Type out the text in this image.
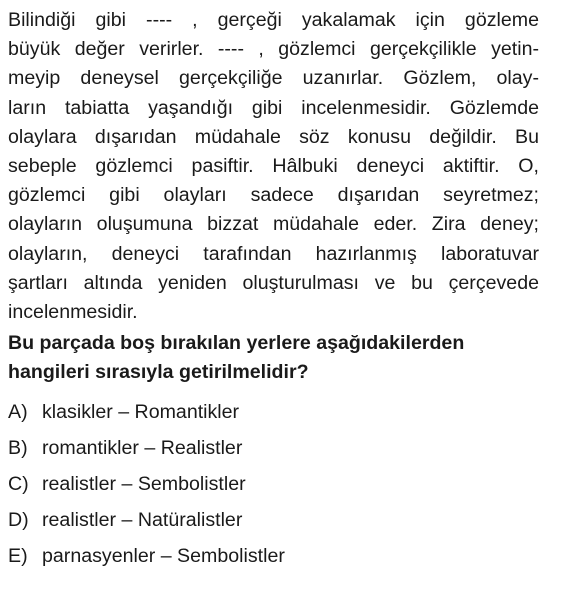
Bilindiği gibi ---- , gerçeği yakalamak için gözleme
büyük değer verirler. ---- , gözlemci gerçekçilikle yetin-
meyip deneysel gerçekçiliğe uzanırlar. Gözlem, olay-
ların tabiatta yaşandığı gibi incelenmesidir. Gözlemde
olaylara dışarıdan müdahale söz konusu değildir. Bu
sebeple gözlemci pasiftir. Hâlbuki deneyci aktiftir. O,
gözlemci gibi olayları sadece dışarıdan seyretmez;
olayların oluşumuna bizzat müdahale eder. Zira deney;
olayların, deneyci tarafından hazırlanmış laboratuvar
şartları altında yeniden oluşturulması ve bu çerçevede
incelenmesidir.

Bu parçada boş bırakılan yerlere aşağıdakilerden
hangileri sırasıyla getirilmelidir?

A) klasikler – Romantikler
B) romantikler – Realistler
C) realistler – Sembolistler
D) realistler – Natüralistler
E) parnasyenler – Sembolistler
